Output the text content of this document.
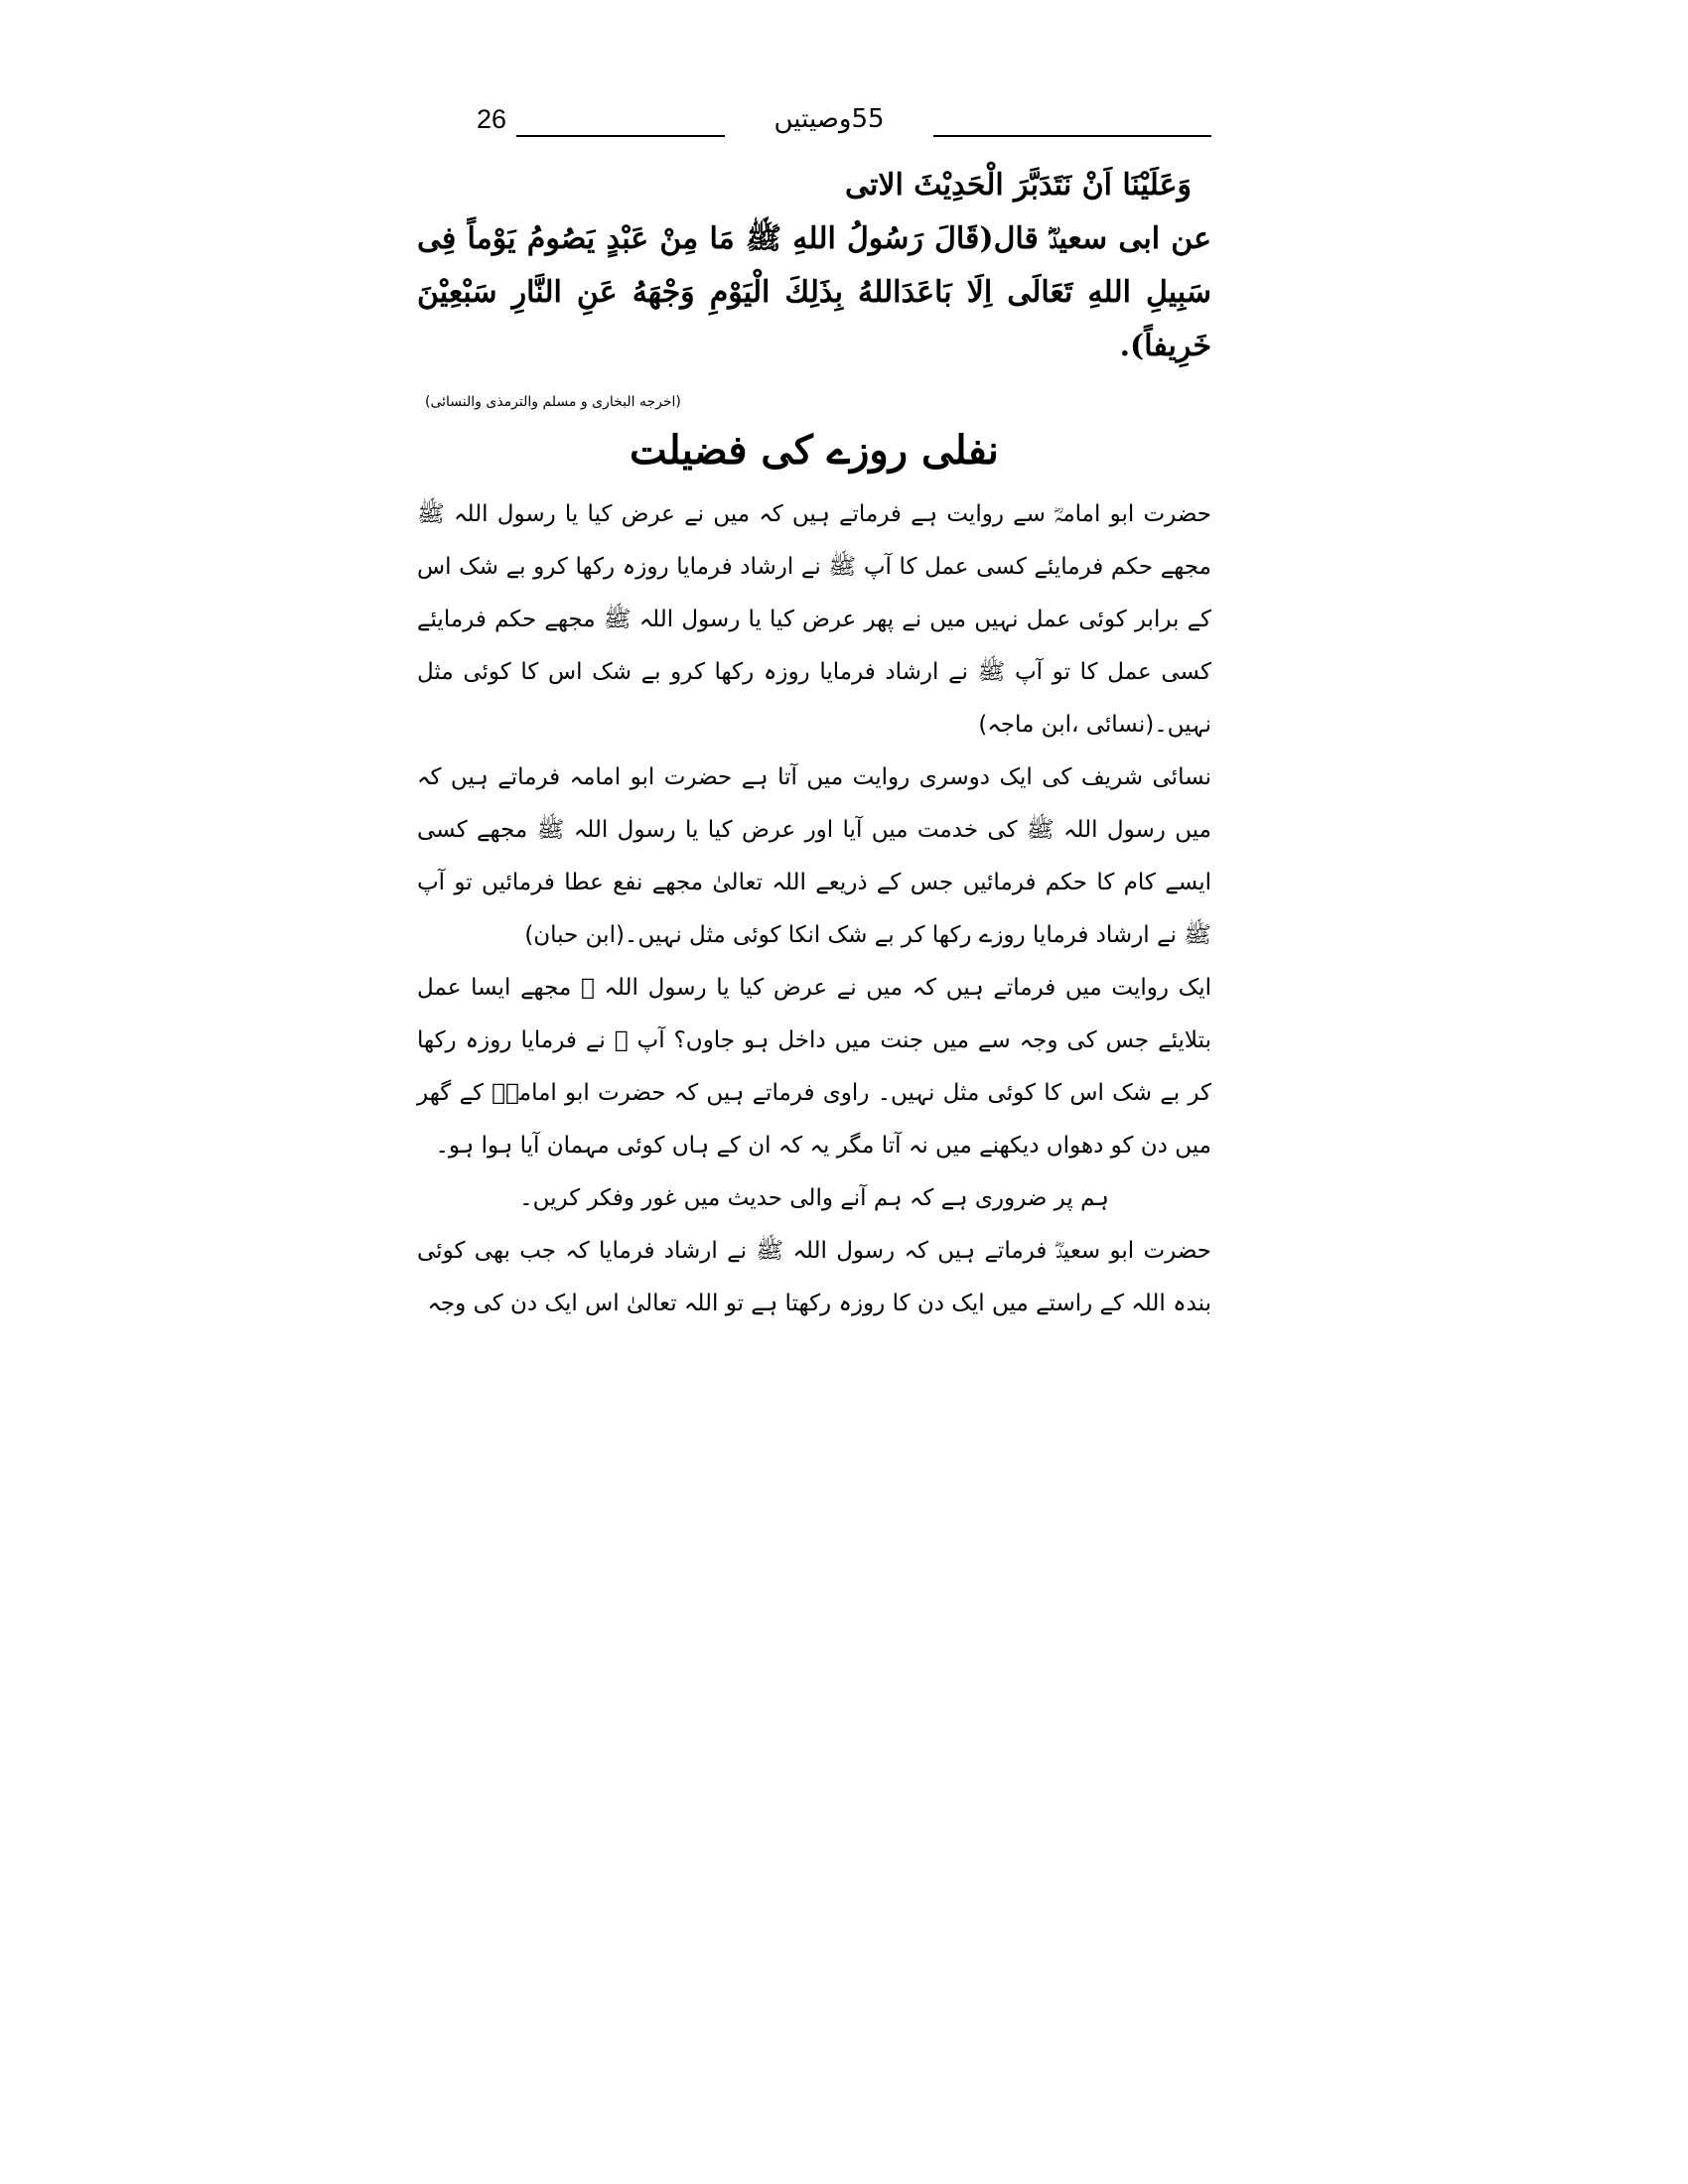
26	55وصیتیں

وَعَلَيْنَا اَنْ نَتَدَبَّرَ الْحَدِيْثَ الاتى

عن ابی سعیدؓ قال(قَالَ رَسُولُ اللهِ ﷺ مَا مِنْ عَبْدٍ يَصُومُ يَوْماً فِى سَبِيلِ اللهِ تَعَالَى اِلَا بَاعَدَاللهُ بِذَلِكَ الْيَوْمِ وَجْهَهُ عَنِ النَّارِ سَبْعِيْنَ خَرِيفاً).

(اخرجه البخارى و مسلم والترمذى والنسائى)

نفلی روزے کی فضیلت

حضرت ابو امامہؓ سے روایت ہے فرماتے ہیں کہ میں نے عرض کیا یا رسول اللہ ﷺ مجھے حکم فرمایئے کسی عمل کا آپ ﷺ نے ارشاد فرمایا روزہ رکھا کرو بے شک اس کے برابر کوئی عمل نہیں میں نے پھر عرض کیا یا رسول اللہ ﷺ مجھے حکم فرمایئے کسی عمل کا تو آپ ﷺ نے ارشاد فرمایا روزہ رکھا کرو بے شک اس کا کوئی مثل نہیں۔(نسائی ،ابن ماجہ)

نسائی شریف کی ایک دوسری روایت میں آتا ہے حضرت ابو امامہ فرماتے ہیں کہ میں رسول اللہ ﷺ کی خدمت میں آیا اور عرض کیا یا رسول اللہ ﷺ مجھے کسی ایسے کام کا حکم فرمائیں جس کے ذریعے اللہ تعالیٰ مجھے نفع عطا فرمائیں تو آپ ﷺ نے ارشاد فرمایا روزے رکھا کر بے شک انکا کوئی مثل نہیں۔(ابن حبان)

ایک روایت میں فرماتے ہیں کہ میں نے عرض کیا یا رسول اللہ ﷺ مجھے ایسا عمل بتلایئے جس کی وجہ سے میں جنت میں داخل ہو جاوں؟ آپ ﷺ نے فرمایا روزہ رکھا کر بے شک اس کا کوئی مثل نہیں۔ راوی فرماتے ہیں کہ حضرت ابو امامہؓ کے گھر میں دن کو دھواں دیکھنے میں نہ آتا مگر یہ کہ ان کے ہاں کوئی مہمان آیا ہوا ہو۔

ہم پر ضروری ہے کہ ہم آنے والی حدیث میں غور وفکر کریں۔

حضرت ابو سعیدؓ فرماتے ہیں کہ رسول اللہ ﷺ نے ارشاد فرمایا کہ جب بھی کوئی بندہ اللہ کے راستے میں ایک دن کا روزہ رکھتا ہے تو اللہ تعالیٰ اس ایک دن کی وجہ
